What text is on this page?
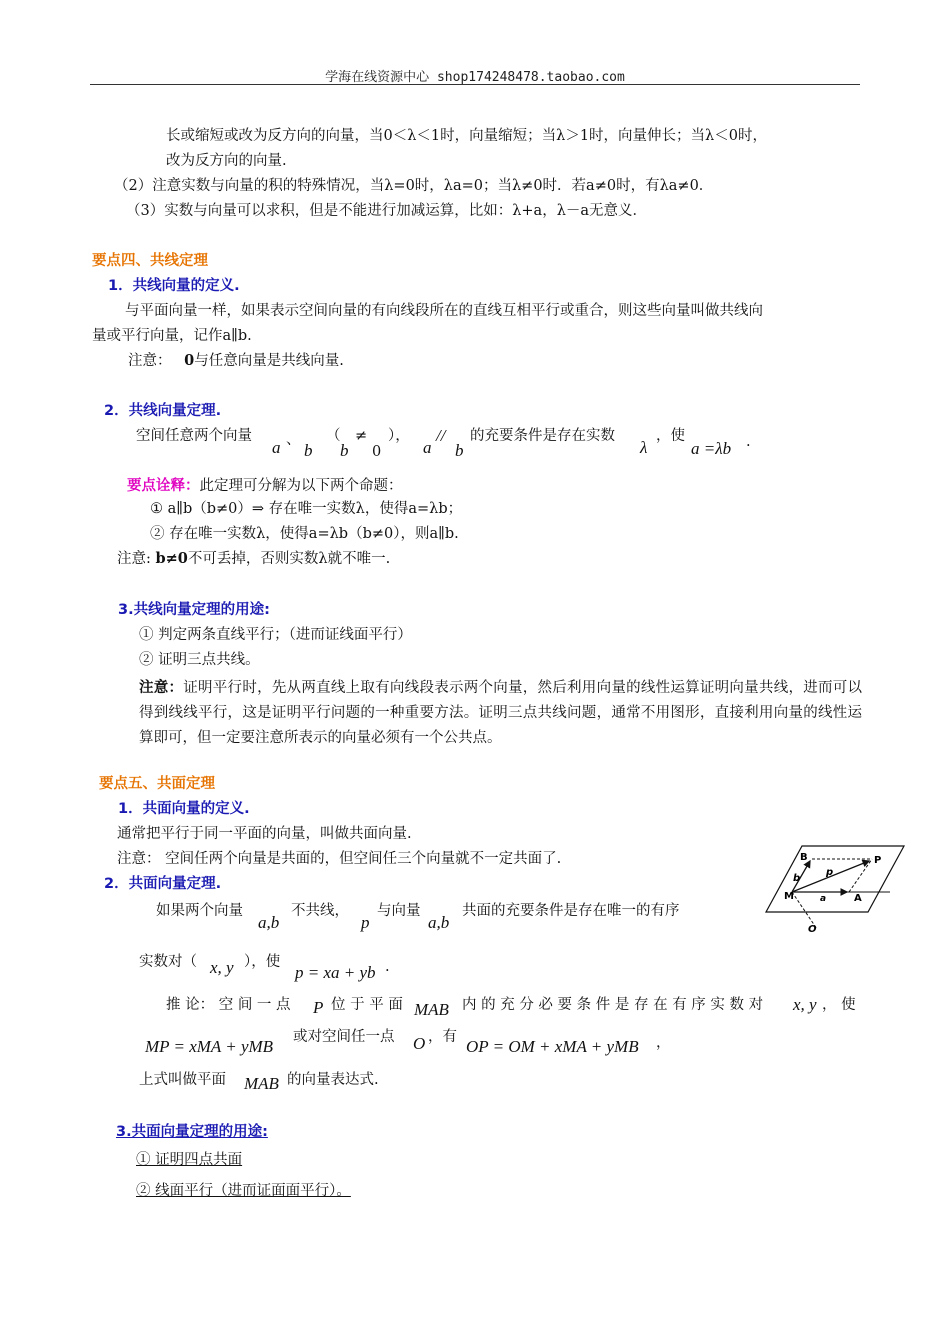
学海在线资源中心 shop174248478.taobao.com
长或缩短或改为反方向的向量，当0＜λ＜1时，向量缩短；当λ＞1时，向量伸长；当λ＜0时，
改为反方向的向量.
（2）注意实数与向量的积的特殊情况，当λ=0时，λa=0；当λ≠0时．若a≠0时，有λa≠0．
（3）实数与向量可以求积，但是不能进行加减运算，比如：λ+a，λ－a无意义．
要点四、共线定理
1．共线向量的定义.
与平面向量一样，如果表示空间向量的有向线段所在的直线互相平行或重合，则这些向量叫做共线向
量或平行向量，记作a∥b.
注意： 0与任意向量是共线向量.
2．共线向量定理.
空间任意两个向量
a 、
b
（
b
≠
0
），
a
//
b
的充要条件是存在实数
λ
，使
a =λb .
要点诠释：此定理可分解为以下两个命题：
① a∥b（b≠0）⇒ 存在唯一实数λ，使得a=λb；
② 存在唯一实数λ，使得a=λb（b≠0），则a∥b.
注意: b≠0不可丢掉，否则实数λ就不唯一.
3.共线向量定理的用途:
① 判定两条直线平行；（进而证线面平行）
② 证明三点共线。
注意：证明平行时，先从两直线上取有向线段表示两个向量，然后利用向量的线性运算证明向量共线，进而可以得到线线平行，这是证明平行问题的一种重要方法。证明三点共线问题，通常不用图形，直接利用向量的线性运算即可，但一定要注意所表示的向量必须有一个公共点。
要点五、共面定理
1．共面向量的定义.
通常把平行于同一平面的向量，叫做共面向量.
注意： 空间任两个向量是共面的，但空间任三个向量就不一定共面了.
2．共面向量定理.
如果两个向量
a,b
不共线，
p
与向量
a,b
共面的充要条件是存在唯一的有序
实数对（ x, y ），使
p = xa + yb .
推 论： 空 间 一 点 P 位 于 平 面 MAB 内 的 充 分 必 要 条 件 是 存 在 有 序 实 数 对 x, y ， 使
MP = xMA + yMB 或对空间任一点 O ，有 OP = OM + xMA + yMB ，
上式叫做平面 MAB 的向量表达式.
3.共面向量定理的用途:
① 证明四点共面
② 线面平行（进而证面面平行）。
B	P
b
p
M	a	A
O
